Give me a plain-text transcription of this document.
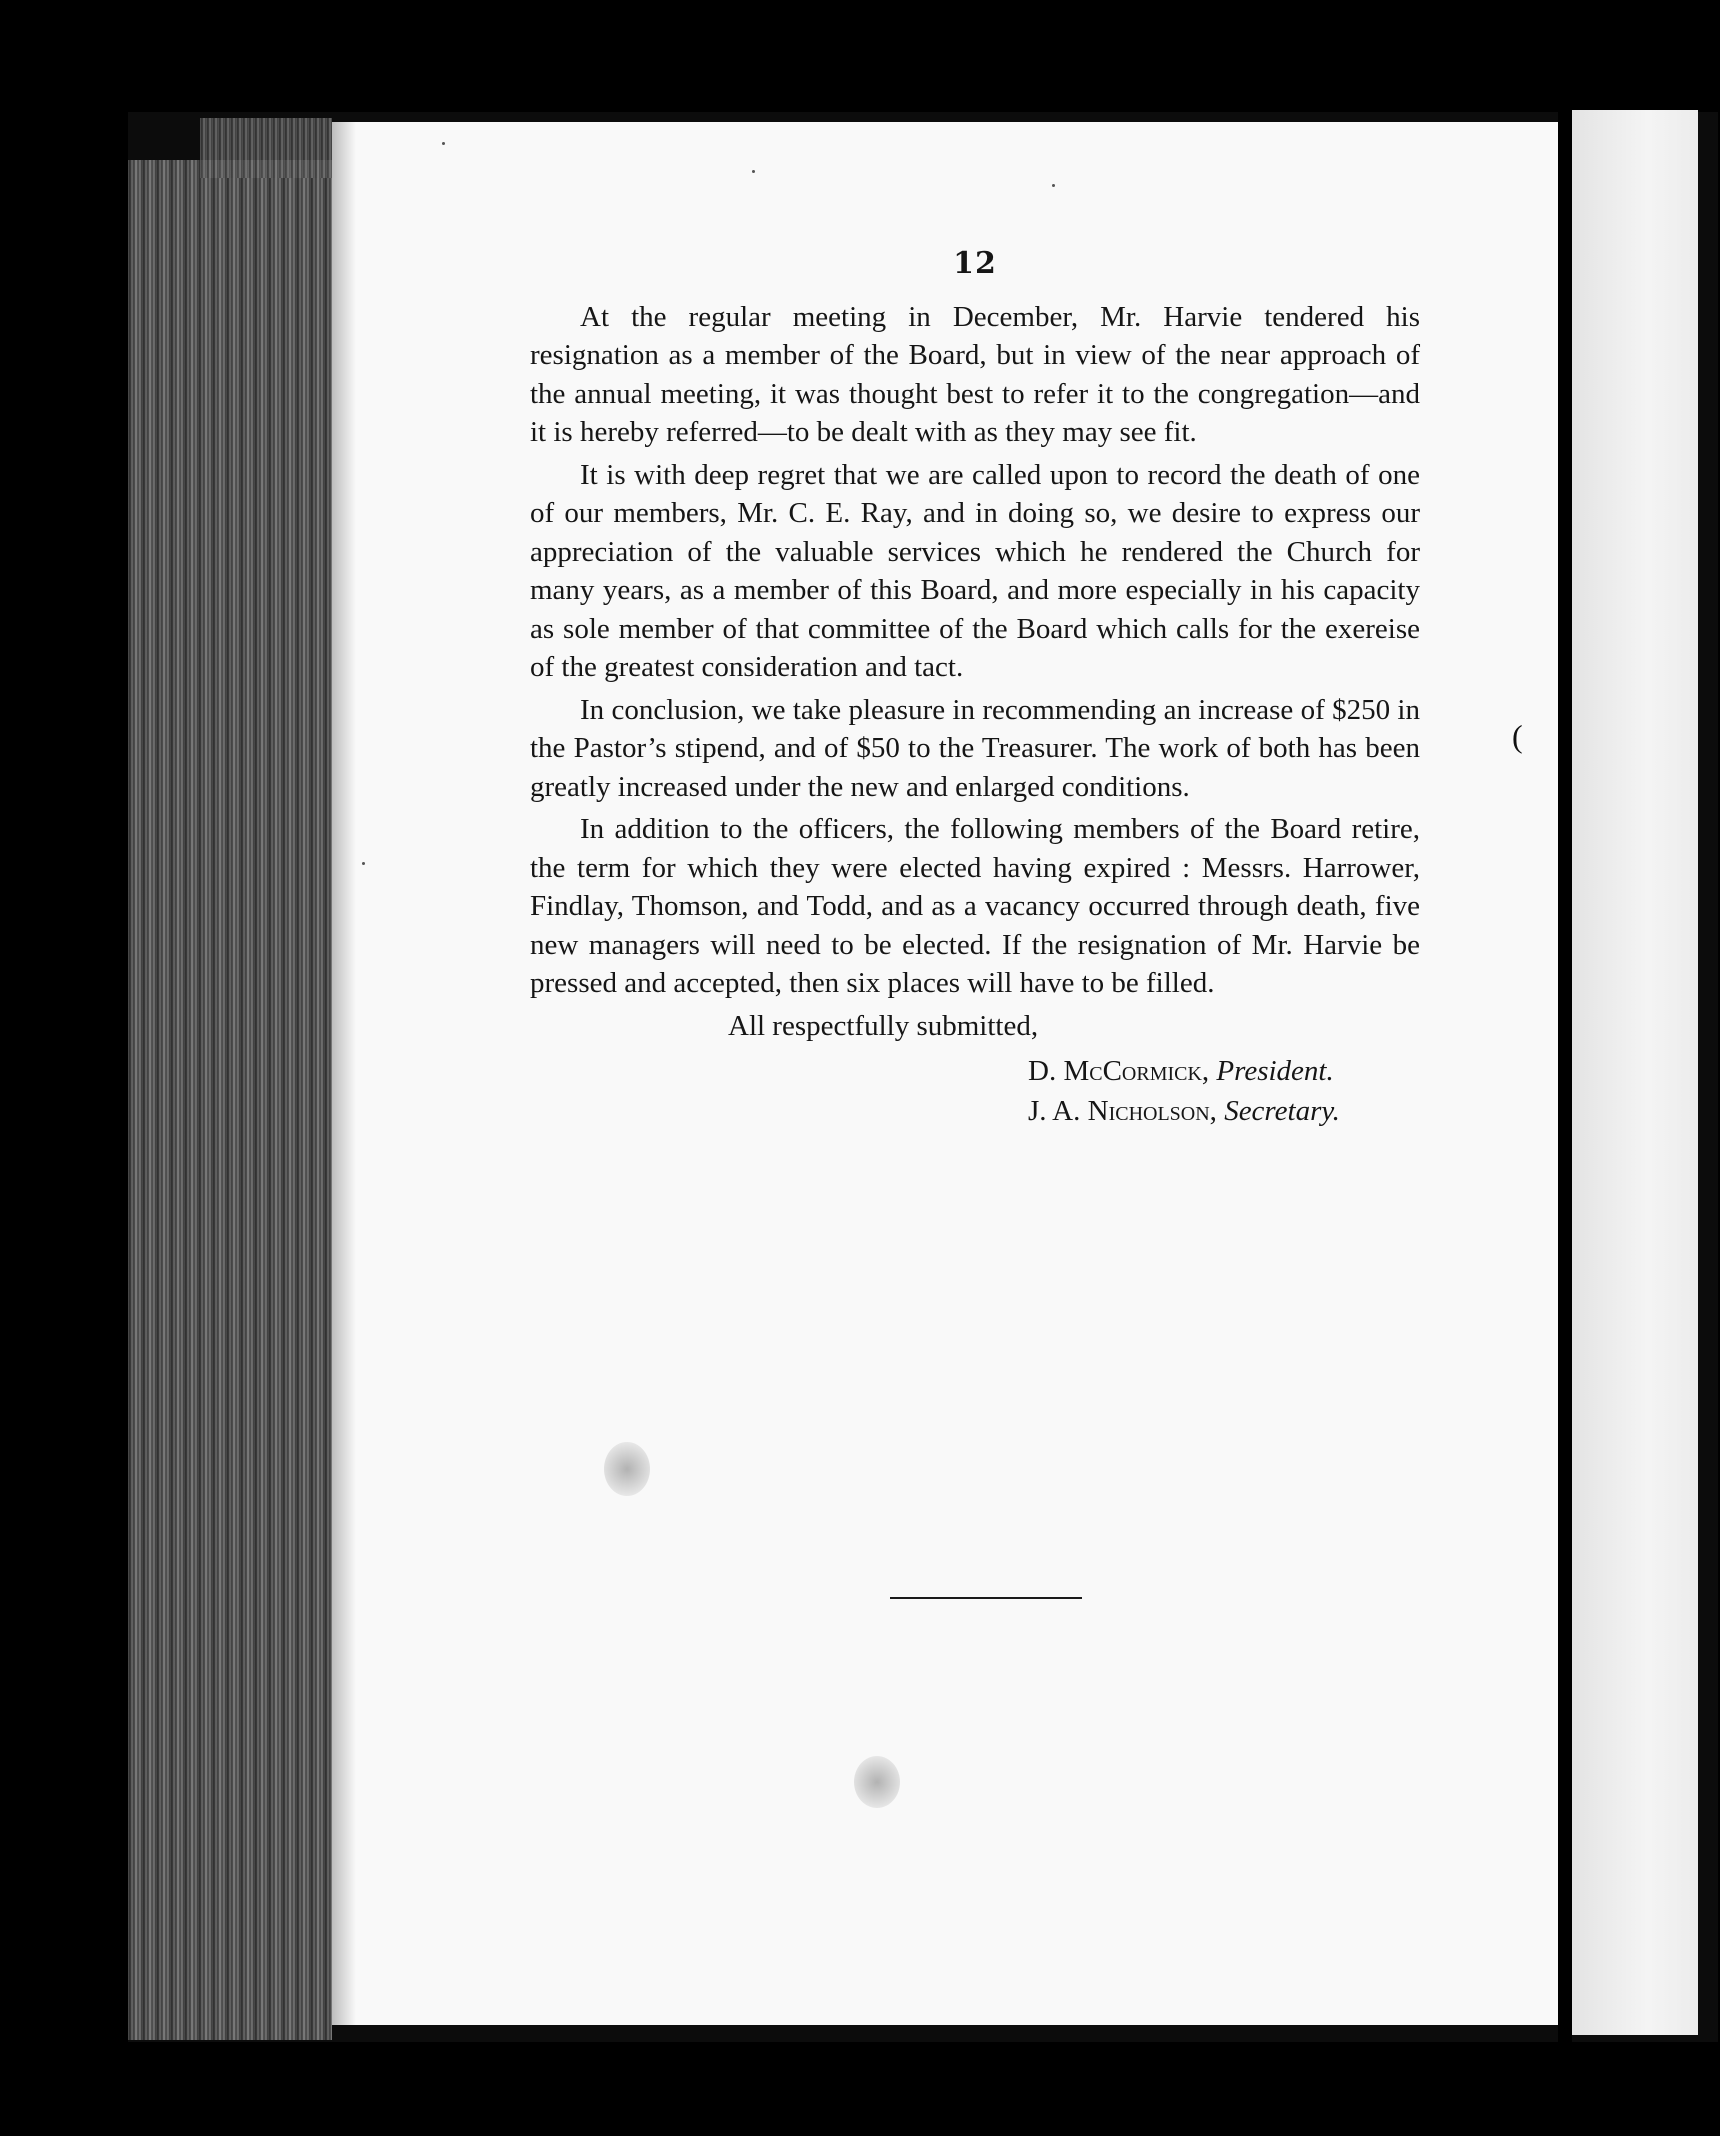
12

At the regular meeting in December, Mr. Harvie tendered his resignation as a member of the Board, but in view of the near approach of the annual meeting, it was thought best to refer it to the congregation—and it is hereby referred—to be dealt with as they may see fit.

It is with deep regret that we are called upon to record the death of one of our members, Mr. C. E. Ray, and in doing so, we desire to express our appreciation of the valuable services which he rendered the Church for many years, as a member of this Board, and more especially in his capacity as sole member of that committee of the Board which calls for the exereise of the greatest consideration and tact.

In conclusion, we take pleasure in recommending an increase of $250 in the Pastor’s stipend, and of $50 to the Treasurer. The work of both has been greatly increased under the new and enlarged conditions.

In addition to the officers, the following members of the Board retire, the term for which they were elected having expired : Messrs. Harrower, Findlay, Thomson, and Todd, and as a vacancy occurred through death, five new managers will need to be elected. If the resignation of Mr. Harvie be pressed and accepted, then six places will have to be filled.

All respectfully submitted,
D. McCormick, President.
J. A. Nicholson, Secretary.
(
